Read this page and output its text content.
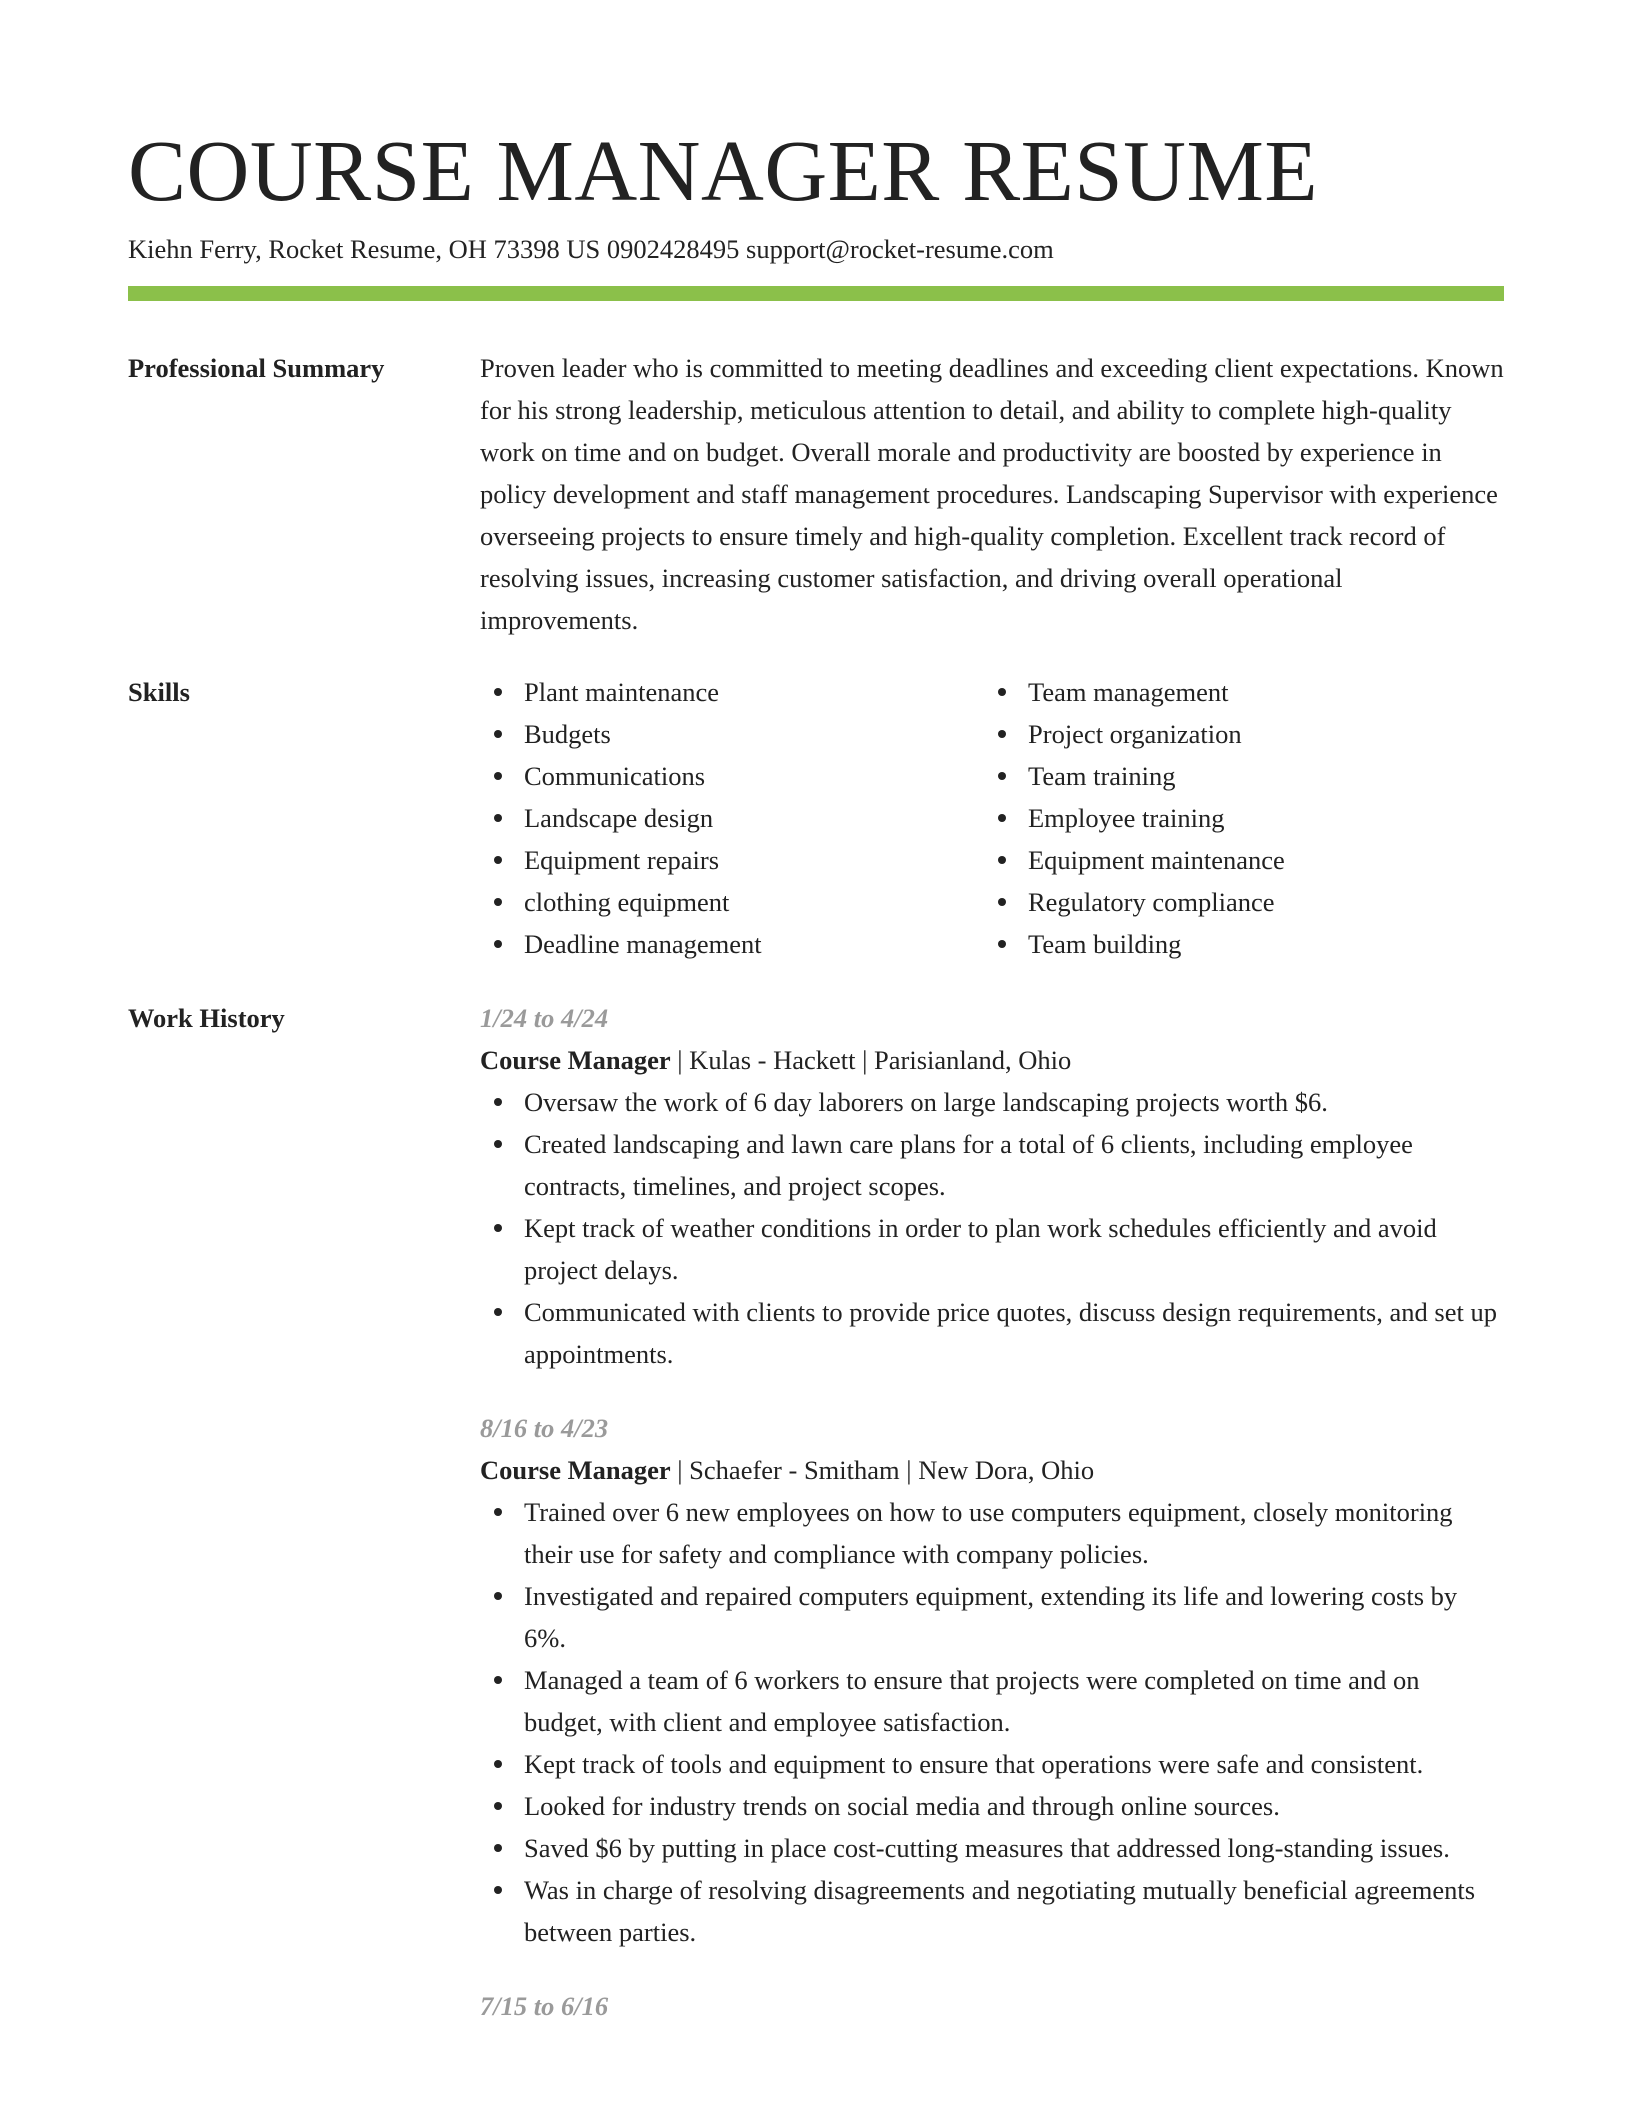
COURSE MANAGER RESUME
Kiehn Ferry, Rocket Resume, OH 73398 US 0902428495 support@rocket-resume.com
Professional Summary	Proven leader who is committed to meeting deadlines and exceeding client expectations. Known for his strong leadership, meticulous attention to detail, and ability to complete high-quality work on time and on budget. Overall morale and productivity are boosted by experience in policy development and staff management procedures. Landscaping Supervisor with experience overseeing projects to ensure timely and high-quality completion. Excellent track record of resolving issues, increasing customer satisfaction, and driving overall operational improvements.

Skills	Plant maintenance
Budgets
Communications
Landscape design
Equipment repairs
clothing equipment
Deadline management
Team management
Project organization
Team training
Employee training
Equipment maintenance
Regulatory compliance
Team building
Work History	1/24 to 4/24
Course Manager | Kulas - Hackett | Parisianland, Ohio
Oversaw the work of 6 day laborers on large landscaping projects worth $6.
Created landscaping and lawn care plans for a total of 6 clients, including employee contracts, timelines, and project scopes.
Kept track of weather conditions in order to plan work schedules efficiently and avoid project delays.
Communicated with clients to provide price quotes, discuss design requirements, and set up appointments.
8/16 to 4/23
Course Manager | Schaefer - Smitham | New Dora, Ohio
Trained over 6 new employees on how to use computers equipment, closely monitoring their use for safety and compliance with company policies.
Investigated and repaired computers equipment, extending its life and lowering costs by 6%.
Managed a team of 6 workers to ensure that projects were completed on time and on budget, with client and employee satisfaction.
Kept track of tools and equipment to ensure that operations were safe and consistent.
Looked for industry trends on social media and through online sources.
Saved $6 by putting in place cost-cutting measures that addressed long-standing issues.
Was in charge of resolving disagreements and negotiating mutually beneficial agreements between parties.
7/15 to 6/16
